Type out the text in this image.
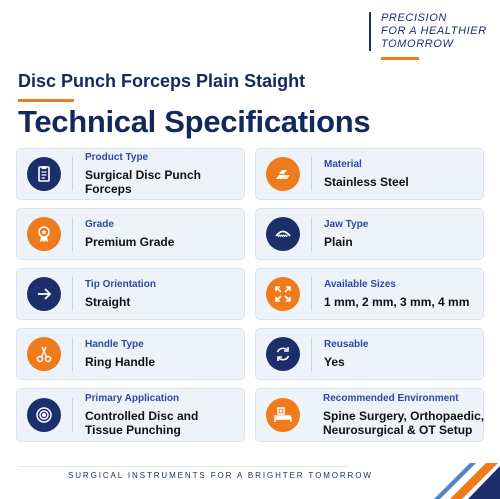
PRECISION
FOR A HEALTHIER
TOMORROW
Disc Punch Forceps Plain Staight
Technical Specifications
Product Type
Surgical Disc Punch Forceps
Material
Stainless Steel
Grade
Premium Grade
Jaw Type
Plain
Tip Orientation
Straight
Available Sizes
1 mm, 2 mm, 3 mm, 4 mm
Handle Type
Ring Handle
Reusable
Yes
Primary Application
Controlled Disc and Tissue Punching
Recommended Environment
Spine Surgery, Orthopaedic, Neurosurgical & OT Setup
SURGICAL INSTRUMENTS FOR A BRIGHTER TOMORROW
